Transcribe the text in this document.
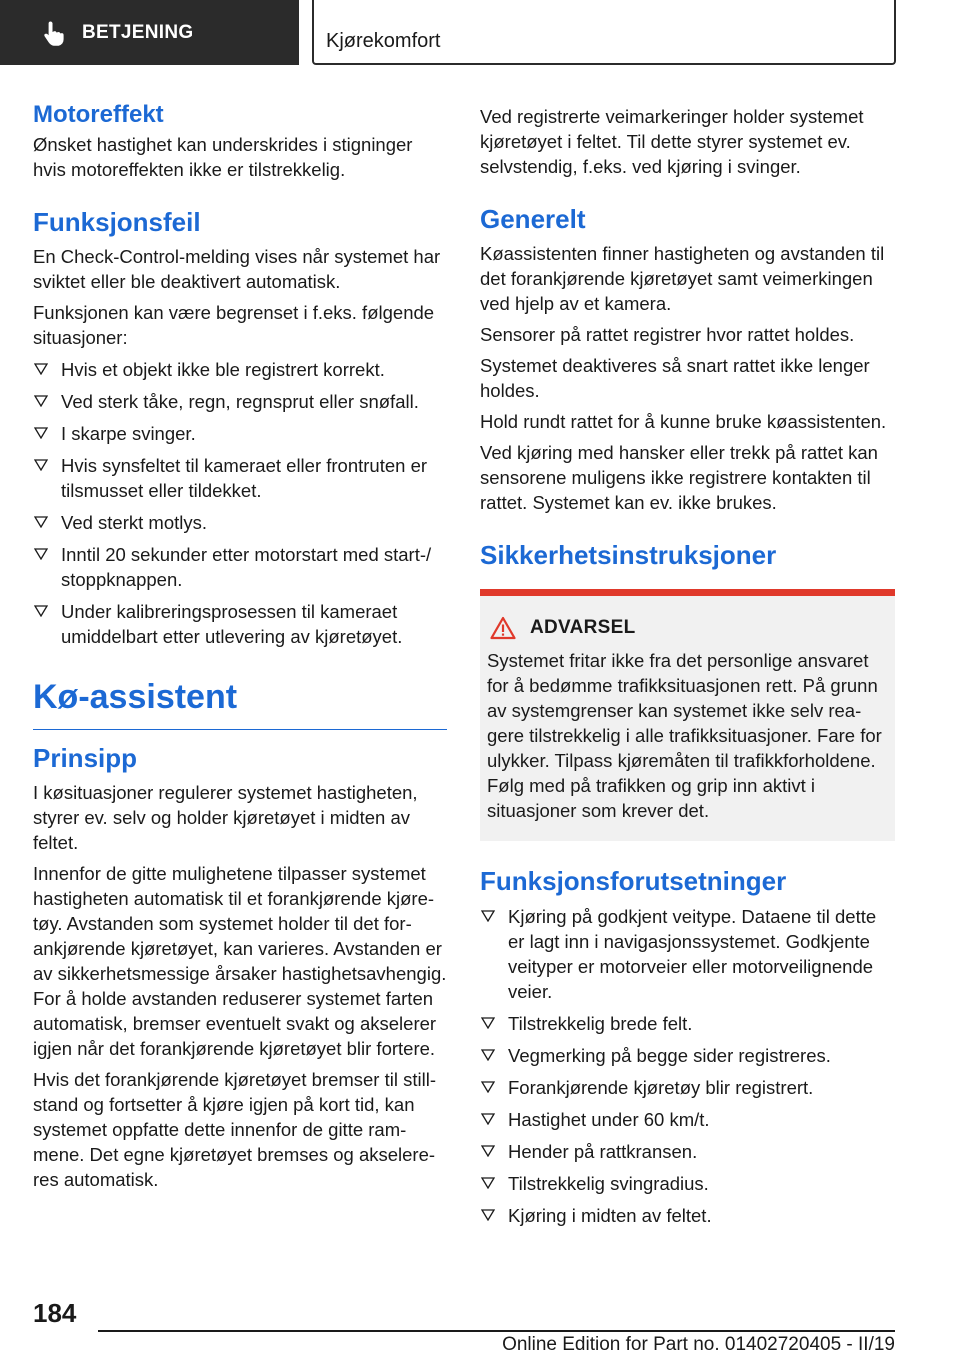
BETJENING	Kjørekomfort
Motoreffekt

Ønsket hastighet kan underskrides i stigninger hvis motoreffekten ikke er tilstrekkelig.

Funksjonsfeil

En Check-Control-melding vises når systemet har sviktet eller ble deaktivert automatisk.

Funksjonen kan være begrenset i f.eks. følgende situasjoner:

Hvis et objekt ikke ble registrert korrekt.
Ved sterk tåke, regn, regnsprut eller snøfall.
I skarpe svinger.
Hvis synsfeltet til kameraet eller frontruten er tilsmusset eller tildekket.
Ved sterkt motlys.
Inntil 20 sekunder etter motorstart med start-/ stoppknappen.
Under kalibreringsprosessen til kameraet umiddelbart etter utlevering av kjøretøyet.
Kø-assistent
Prinsipp

I køsituasjoner regulerer systemet hastigheten, styrer ev. selv og holder kjøretøyet i midten av feltet.

Innenfor de gitte mulighetene tilpasser systemet hastigheten automatisk til et forankjørende kjøretøy. Avstanden som systemet holder til det forankjørende kjøretøyet, kan varieres. Avstanden er av sikkerhetsmessige årsaker hastighetsavhengig. For å holde avstanden reduserer systemet farten automatisk, bremser eventuelt svakt og akselerer igjen når det forankjørende kjøretøyet blir fortere.

Hvis det forankjørende kjøretøyet bremser til stillstand og fortsetter å kjøre igjen på kort tid, kan systemet oppfatte dette innenfor de gitte rammene. Det egne kjøretøyet bremses og akselereres automatisk.

Ved registrerte veimarkeringer holder systemet kjøretøyet i feltet. Til dette styrer systemet ev. selvstendig, f.eks. ved kjøring i svinger.

Generelt

Køassistenten finner hastigheten og avstanden til det forankjørende kjøretøyet samt veimerkingen ved hjelp av et kamera.

Sensorer på rattet registrer hvor rattet holdes.

Systemet deaktiveres så snart rattet ikke lenger holdes.

Hold rundt rattet for å kunne bruke køassistenten.

Ved kjøring med hansker eller trekk på rattet kan sensorene muligens ikke registrere kontakten til rattet. Systemet kan ev. ikke brukes.

Sikkerhetsinstruksjoner
ADVARSEL

Systemet fritar ikke fra det personlige ansvaret for å bedømme trafikksituasjonen rett. På grunn av systemgrenser kan systemet ikke selv reagere tilstrekkelig i alle trafikksituasjoner. Fare for ulykker. Tilpass kjøremåten til trafikkforholdene. Følg med på trafikken og grip inn aktivt i situasjoner som krever det.

Funksjonsforutsetninger
Kjøring på godkjent veitype. Dataene til dette er lagt inn i navigasjonssystemet. Godkjente veityper er motorveier eller motorveilignende veier.
Tilstrekkelig brede felt.
Vegmerking på begge sider registreres.
Forankjørende kjøretøy blir registrert.
Hastighet under 60 km/t.
Hender på rattkransen.
Tilstrekkelig svingradius.
Kjøring i midten av feltet.
184
Online Edition for Part no. 01402720405 - II/19
www.carmanualsonline.info
